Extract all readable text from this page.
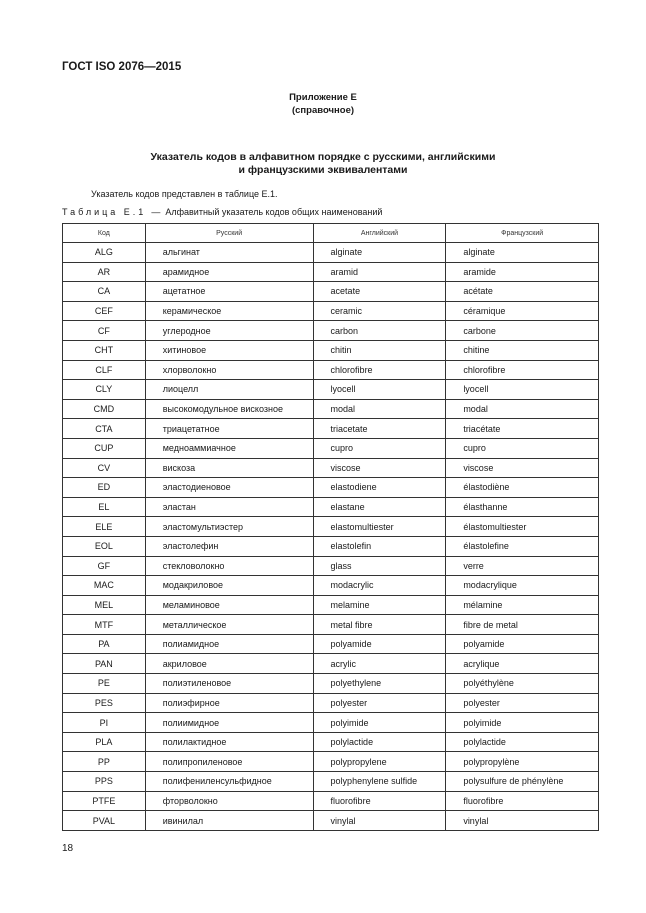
ГОСТ ISO 2076—2015
Приложение Е
(справочное)
Указатель кодов в алфавитном порядке с русскими, английскими
и французскими эквивалентами
Указатель кодов представлен в таблице Е.1.
Таблица Е.1 — Алфавитный указатель кодов общих наименований
Код	Русский	Английский	Французский
ALG	альгинат	alginate	alginate
AR	арамидное	aramid	aramide
CA	ацетатное	acetate	acétate
CEF	керамическое	ceramic	céramique
CF	углеродное	carbon	carbone
CHT	хитиновое	chitin	chitine
CLF	хлорволокно	chlorofibre	chlorofibre
CLY	лиоцелл	lyocell	lyocell
CMD	высокомодульное вискозное	modal	modal
CTA	триацетатное	triacetate	triacétate
CUP	медноаммиачное	cupro	cupro
CV	вискоза	viscose	viscose
ED	эластодиеновое	elastodiene	élastodiène
EL	эластан	elastane	élasthanne
ELE	эластомультиэстер	elastomultiester	élastomultiester
EOL	эластолефин	elastolefin	élastolefine
GF	стекловолокно	glass	verre
MAC	модакриловое	modacrylic	modacrylique
MEL	меламиновое	melamine	mélamine
MTF	металлическое	metal fibre	fibre de metal
PA	полиамидное	polyamide	polyamide
PAN	акриловое	acrylic	acrylique
PE	полиэтиленовое	polyethylene	polyéthylène
PES	полиэфирное	polyester	polyester
PI	полиимидное	polyimide	polyimide
PLA	полилактидное	polylactide	polylactide
PP	полипропиленовое	polypropylene	polypropylène
PPS	полифениленсульфидное	polyphenylene sulfide	polysulfure de phénylène
PTFE	фторволокно	fluorofibre	fluorofibre
PVAL	ивинилал	vinylal	vinylal
18
